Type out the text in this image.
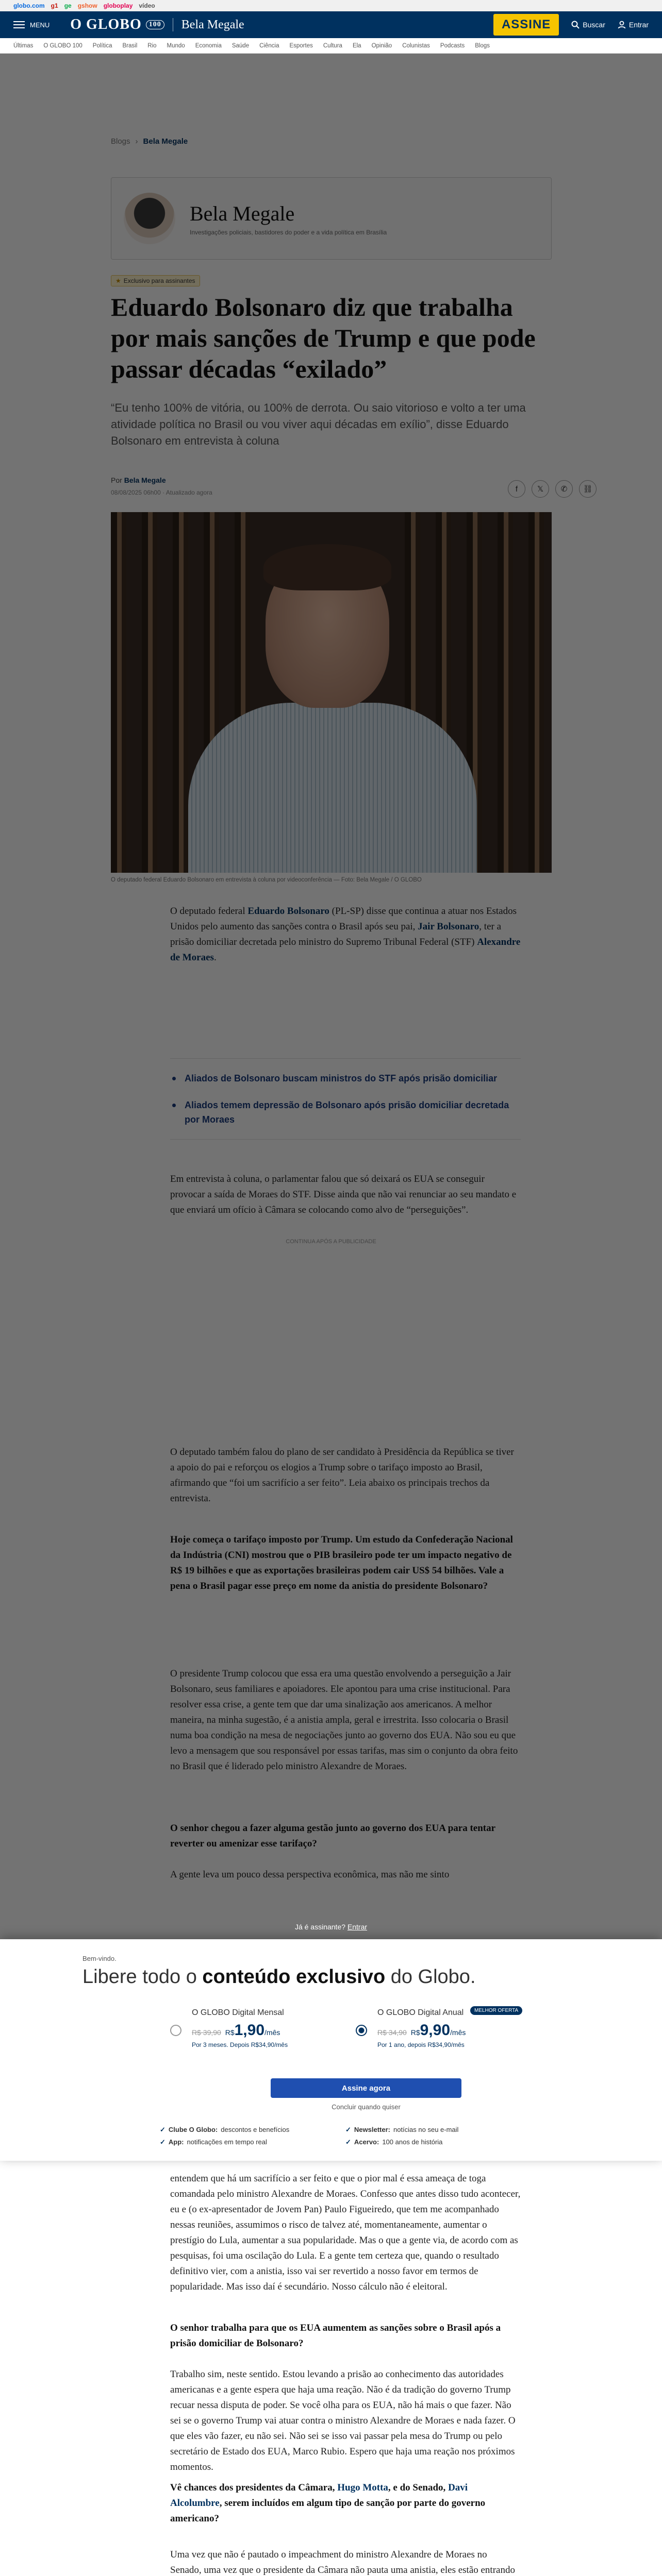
globo.com g1 ge gshow globoplay vídeo
MENU O GLOBO	100 Bela Megale	ASSINE	Buscar	Entrar
Últimas O GLOBO 100 Política Brasil Rio Mundo Economia Saúde Ciência Esportes Cultura Ela Opinião Colunistas Podcasts Blogs

Já é assinante? Entrar
Bem-vindo.
Libere todo o conteúdo exclusivo do Globo.
O GLOBO Digital Mensal
R$ 39,90 R$1,90/mês
Por 3 meses. Depois R$34,90/mês
O GLOBO Digital Anual
R$ 34,90 R$9,90/mês
Por 1 ano, depois R$34,90/mês
MELHOR OFERTA
Assine agora
Concluir quando quiser
✓ Clube O Globo: descontos e benefícios	✓ Newsletter: notícias no seu e-mail
✓ App: notificações em tempo real	✓ Acervo: 100 anos de história

entendem que há um sacrifício a ser feito e que o pior mal é essa ameaça de toga comandada pelo ministro Alexandre de Moraes. Confesso que antes disso tudo acontecer, eu e (o ex-apresentador de Jovem Pan) Paulo Figueiredo, que tem me acompanhado nessas reuniões, assumimos o risco de talvez até, momentaneamente, aumentar o prestígio do Lula, aumentar a sua popularidade. Mas o que a gente via, de acordo com as pesquisas, foi uma oscilação do Lula. E a gente tem certeza que, quando o resultado definitivo vier, com a anistia, isso vai ser revertido a nosso favor em termos de popularidade. Mas isso daí é secundário. Nosso cálculo não é eleitoral.

O senhor trabalha para que os EUA aumentem as sanções sobre o Brasil após a prisão domiciliar de Bolsonaro?

Trabalho sim, neste sentido. Estou levando a prisão ao conhecimento das autoridades americanas e a gente espera que haja uma reação. Não é da tradição do governo Trump recuar nessa disputa de poder. Se você olha para os EUA, não há mais o que fazer. Não sei se o governo Trump vai atuar contra o ministro Alexandre de Moraes e nada fazer. O que eles vão fazer, eu não sei. Não sei se isso vai passar pela mesa do Trump ou pelo secretário de Estado dos EUA, Marco Rubio. Espero que haja uma reação nos próximos momentos.

Vê chances dos presidentes da Câmara, Hugo Motta, e do Senado, Davi Alcolumbre, serem incluídos em algum tipo de sanção por parte do governo americano?

Uma vez que não é pautado o impeachment do ministro Alexandre de Moraes no Senado, uma vez que o presidente da Câmara não pauta uma anistia, eles estão entrando
